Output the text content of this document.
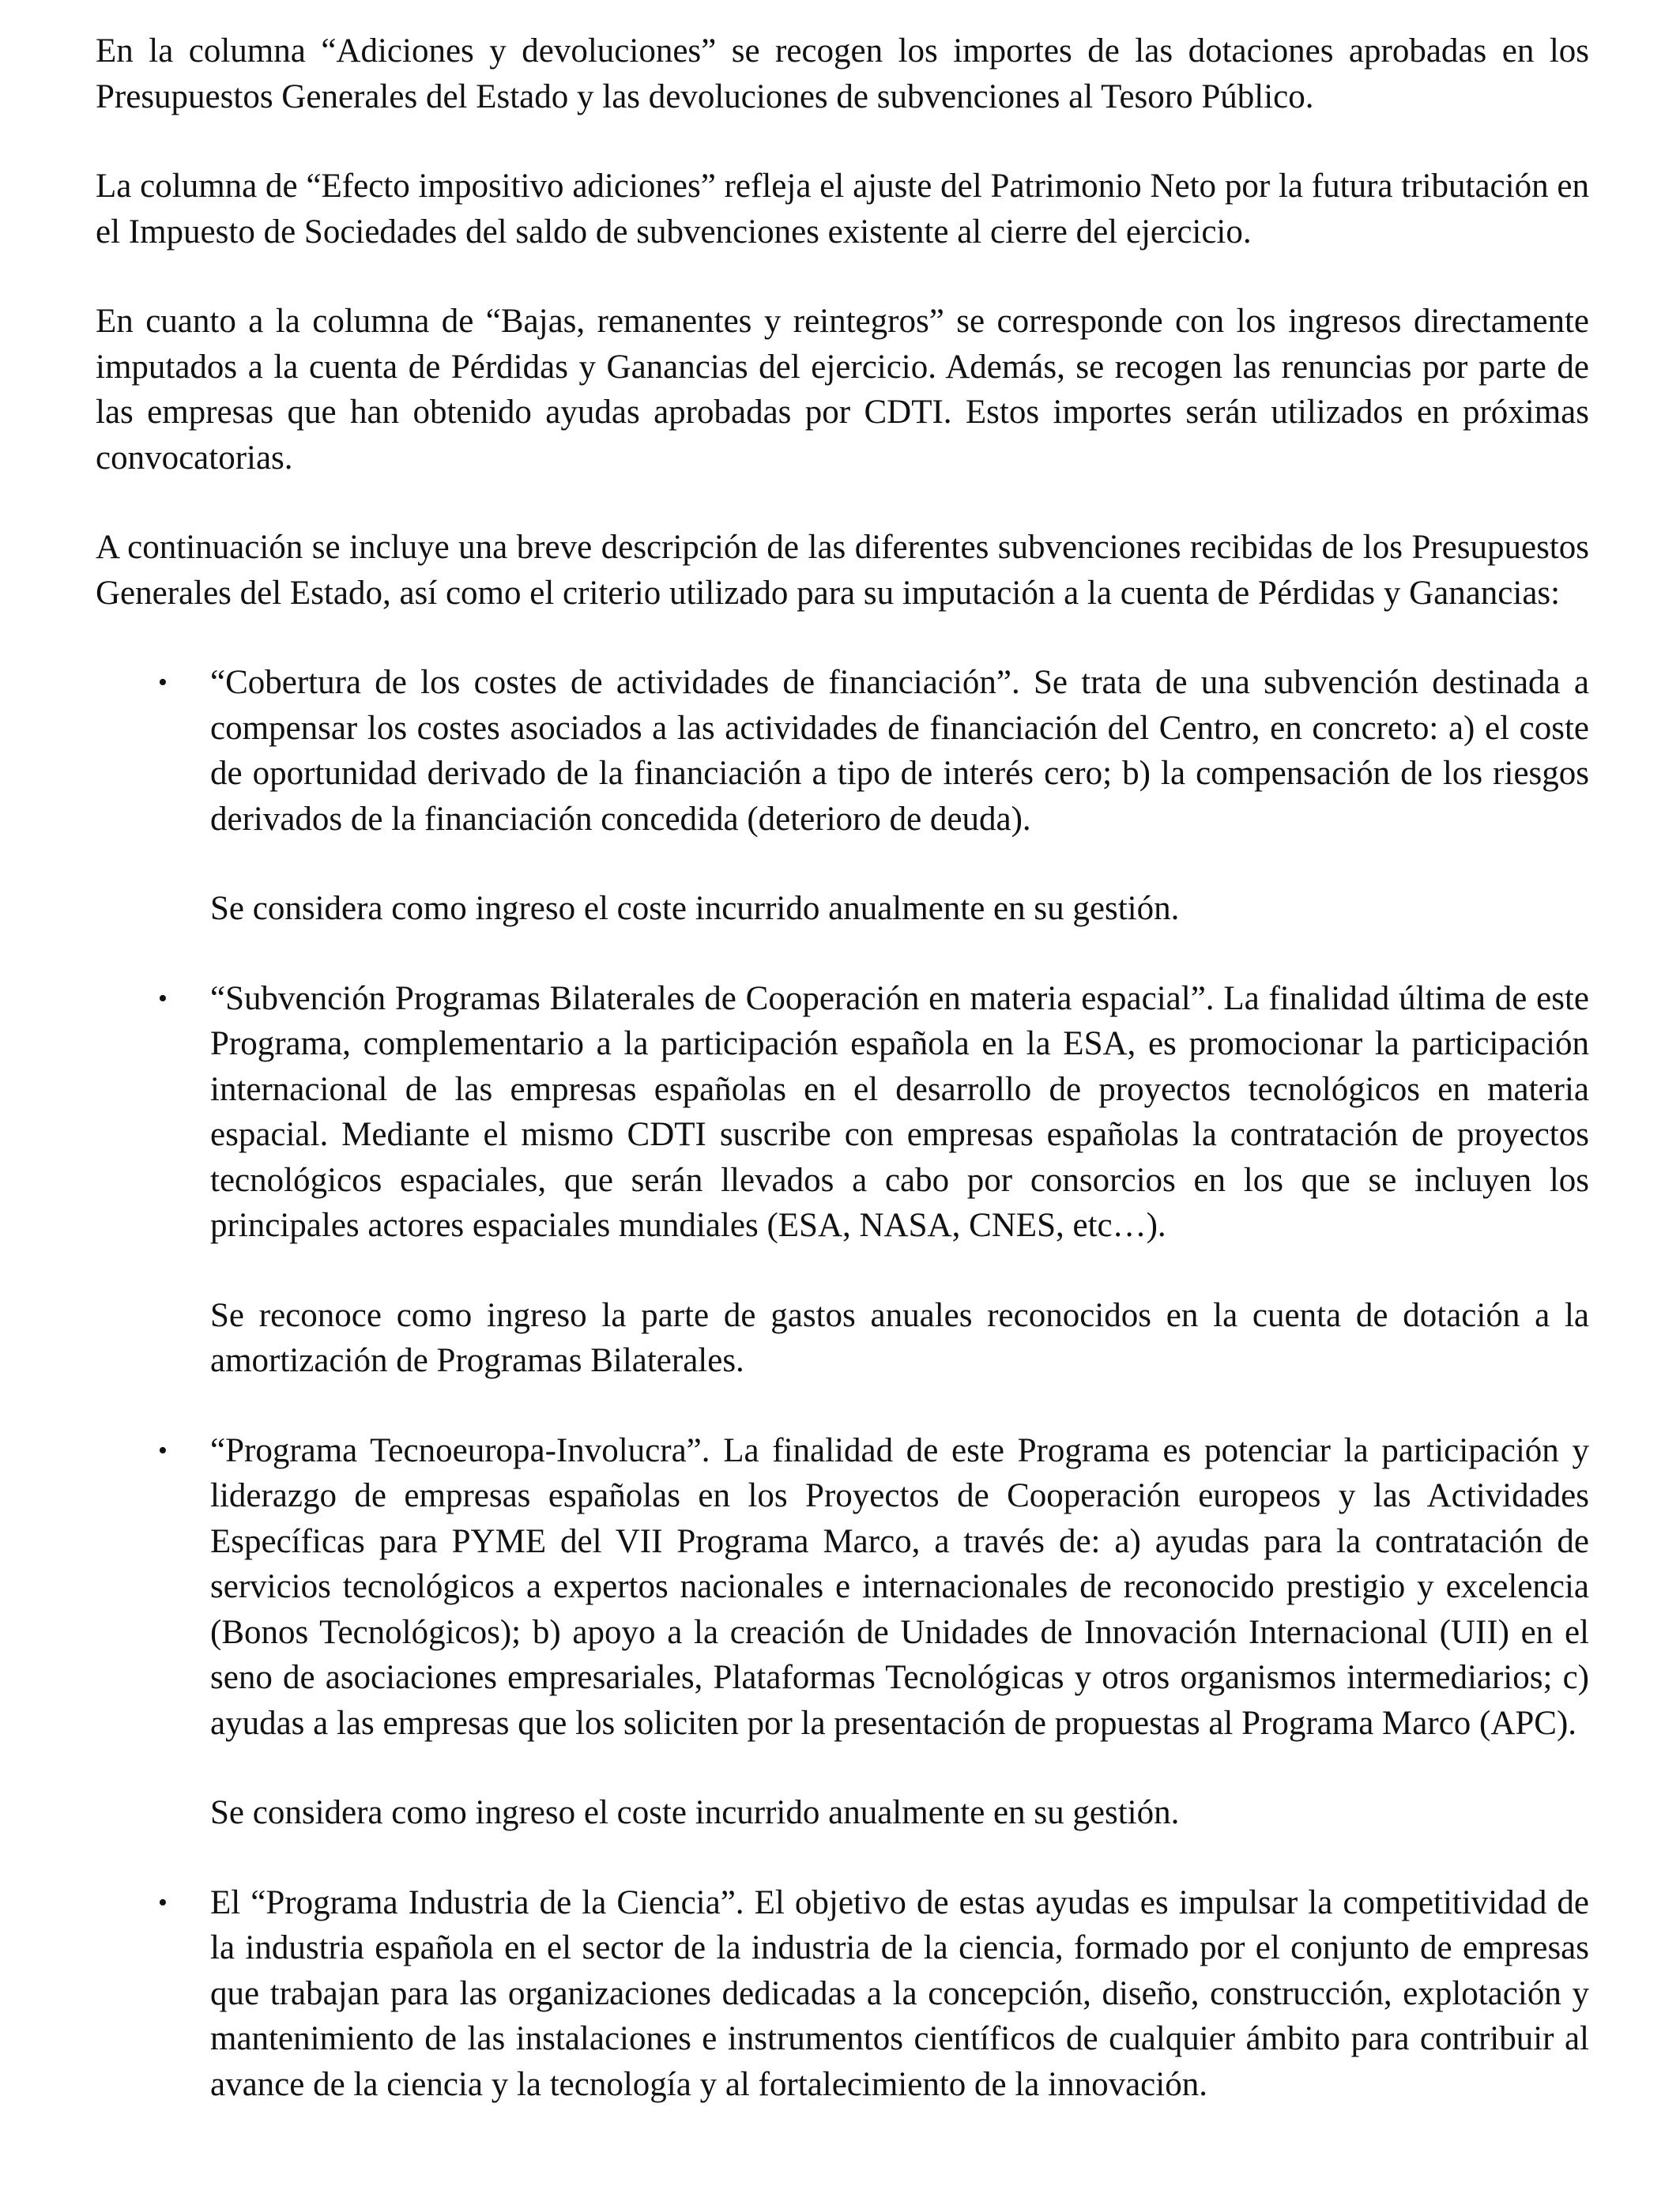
En la columna “Adiciones y devoluciones” se recogen los importes de las dotaciones aprobadas en los Presupuestos Generales del Estado y las devoluciones de subvenciones al Tesoro Público.

La columna de “Efecto impositivo adiciones” refleja el ajuste del Patrimonio Neto por la futura tributación en el Impuesto de Sociedades del saldo de subvenciones existente al cierre del ejercicio.

En cuanto a la columna de “Bajas, remanentes y reintegros” se corresponde con los ingresos directamente imputados a la cuenta de Pérdidas y Ganancias del ejercicio. Además, se recogen las renuncias por parte de las empresas que han obtenido ayudas aprobadas por CDTI. Estos importes serán utilizados en próximas convocatorias.

A continuación se incluye una breve descripción de las diferentes subvenciones recibidas de los Presupuestos Generales del Estado, así como el criterio utilizado para su imputación a la cuenta de Pérdidas y Ganancias:

• “Cobertura de los costes de actividades de financiación”. Se trata de una subvención destinada a compensar los costes asociados a las actividades de financiación del Centro, en concreto: a) el coste de oportunidad derivado de la financiación a tipo de interés cero; b) la compensación de los riesgos derivados de la financiación concedida (deterioro de deuda).

Se considera como ingreso el coste incurrido anualmente en su gestión.

• “Subvención Programas Bilaterales de Cooperación en materia espacial”. La finalidad última de este Programa, complementario a la participación española en la ESA, es promocionar la participación internacional de las empresas españolas en el desarrollo de proyectos tecnológicos en materia espacial. Mediante el mismo CDTI suscribe con empresas españolas la contratación de proyectos tecnológicos espaciales, que serán llevados a cabo por consorcios en los que se incluyen los principales actores espaciales mundiales (ESA, NASA, CNES, etc…).

Se reconoce como ingreso la parte de gastos anuales reconocidos en la cuenta de dotación a la amortización de Programas Bilaterales.

• “Programa Tecnoeuropa-Involucra”. La finalidad de este Programa es potenciar la participación y liderazgo de empresas españolas en los Proyectos de Cooperación europeos y las Actividades Específicas para PYME del VII Programa Marco, a través de: a) ayudas para la contratación de servicios tecnológicos a expertos nacionales e internacionales de reconocido prestigio y excelencia (Bonos Tecnológicos); b) apoyo a la creación de Unidades de Innovación Internacional (UII) en el seno de asociaciones empresariales, Plataformas Tecnológicas y otros organismos intermediarios; c) ayudas a las empresas que los soliciten por la presentación de propuestas al Programa Marco (APC).

Se considera como ingreso el coste incurrido anualmente en su gestión.

• El “Programa Industria de la Ciencia”. El objetivo de estas ayudas es impulsar la competitividad de la industria española en el sector de la industria de la ciencia, formado por el conjunto de empresas que trabajan para las organizaciones dedicadas a la concepción, diseño, construcción, explotación y mantenimiento de las instalaciones e instrumentos científicos de cualquier ámbito para contribuir al avance de la ciencia y la tecnología y al fortalecimiento de la innovación.
